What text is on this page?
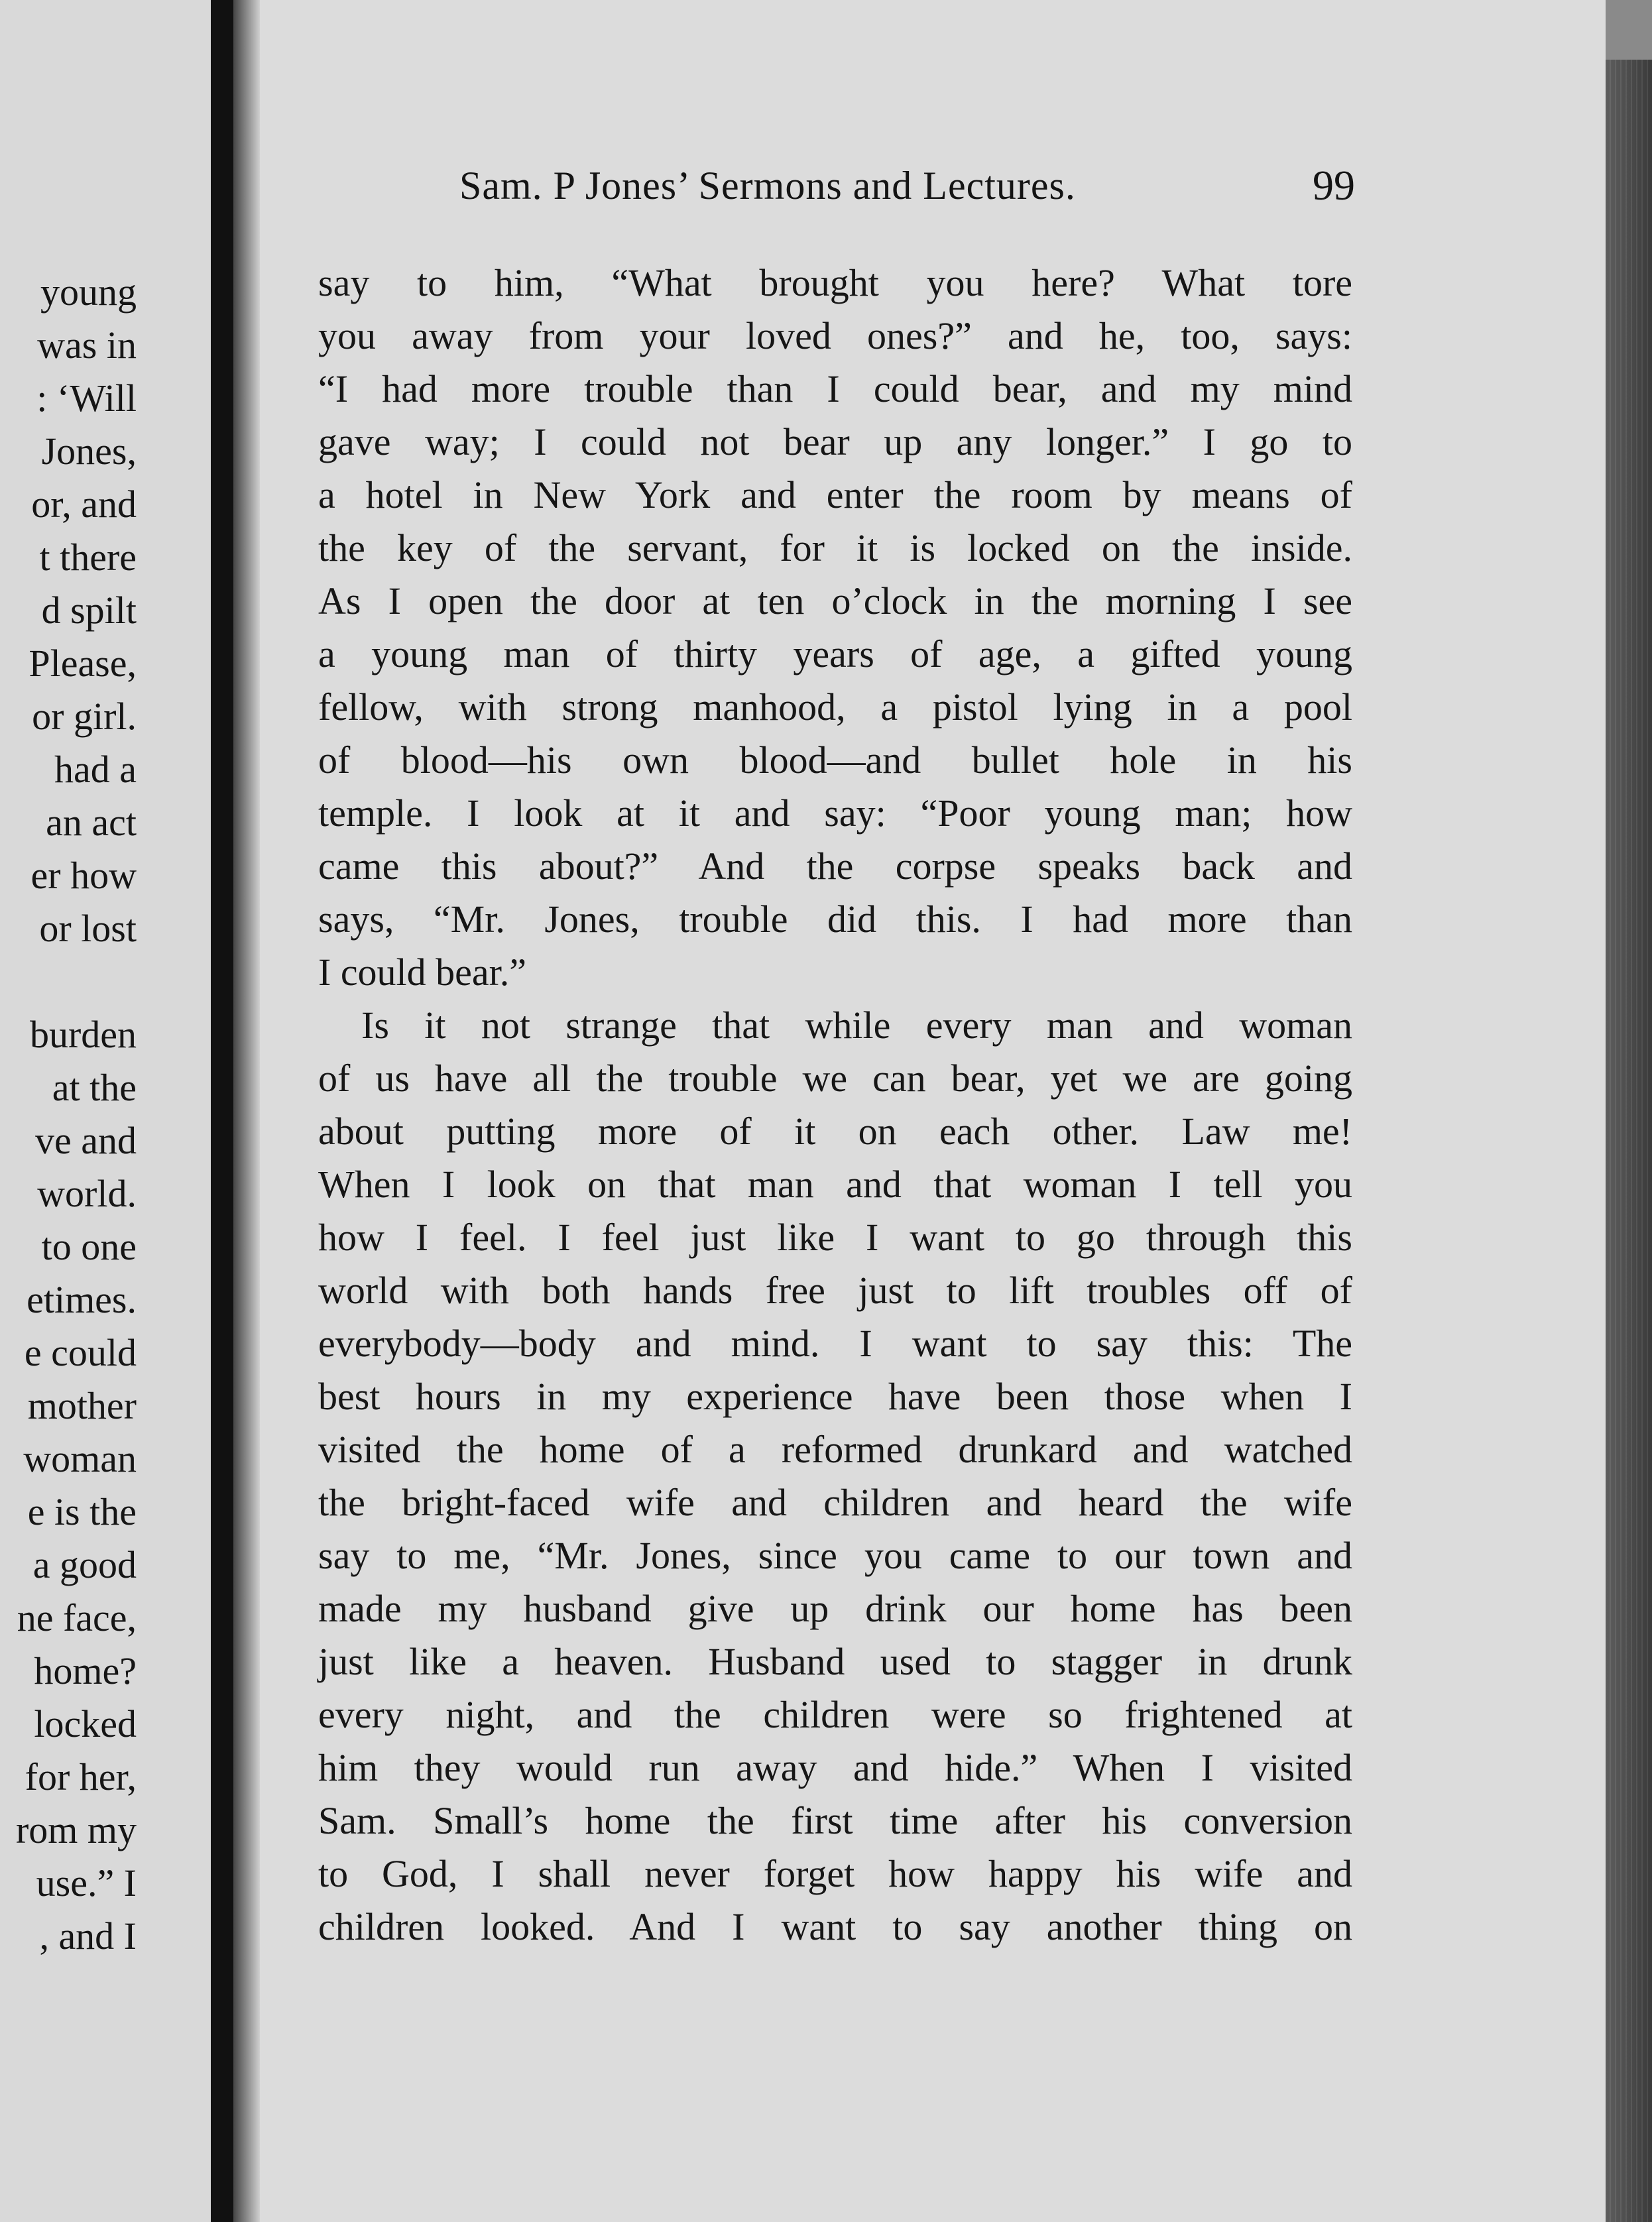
young
was in
: ‘Will
Jones,
or, and
t there
d spilt
Please,
or girl.
had a
an act
er how
or lost
burden
at the
ve and
world.
to one
etimes.
e could
mother
woman
e is the
a good
ne face,
home?
locked
for her,
rom my
use.” I
, and I
Sam. P Jones’ Sermons and Lectures.	99
say to him, “What brought you here? What tore
you away from your loved ones?” and he, too, says:
“I had more trouble than I could bear, and my mind
gave way; I could not bear up any longer.” I go to
a hotel in New York and enter the room by means of
the key of the servant, for it is locked on the inside.
As I open the door at ten o’clock in the morning I see
a young man of thirty years of age, a gifted young
fellow, with strong manhood, a pistol lying in a pool
of blood—his own blood—and bullet hole in his
temple. I look at it and say: “Poor young man; how
came this about?” And the corpse speaks back and
says, “Mr. Jones, trouble did this. I had more than
I could bear.”
Is it not strange that while every man and woman
of us have all the trouble we can bear, yet we are going
about putting more of it on each other. Law me!
When I look on that man and that woman I tell you
how I feel. I feel just like I want to go through this
world with both hands free just to lift troubles off of
everybody—body and mind. I want to say this: The
best hours in my experience have been those when I
visited the home of a reformed drunkard and watched
the bright-faced wife and children and heard the wife
say to me, “Mr. Jones, since you came to our town and
made my husband give up drink our home has been
just like a heaven. Husband used to stagger in drunk
every night, and the children were so frightened at
him they would run away and hide.” When I visited
Sam. Small’s home the first time after his conversion
to God, I shall never forget how happy his wife and
children looked. And I want to say another thing on
